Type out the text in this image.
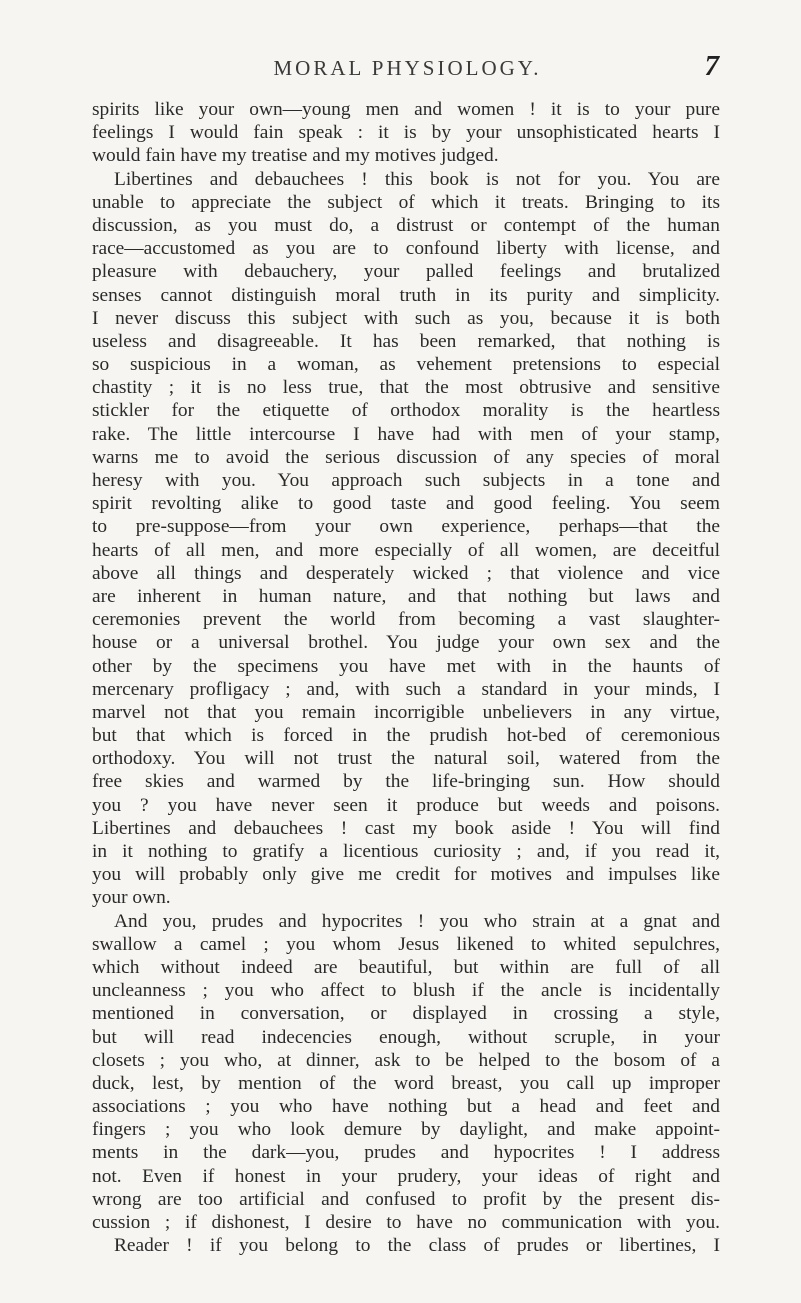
MORAL PHYSIOLOGY.	7
spirits like your own—young men and women ! it is to your pure
feelings I would fain speak : it is by your unsophisticated hearts I
would fain have my treatise and my motives judged.
Libertines and debauchees ! this book is not for you. You are
unable to appreciate the subject of which it treats. Bringing to its
discussion, as you must do, a distrust or contempt of the human
race—accustomed as you are to confound liberty with license, and
pleasure with debauchery, your palled feelings and brutalized
senses cannot distinguish moral truth in its purity and simplicity.
I never discuss this subject with such as you, because it is both
useless and disagreeable. It has been remarked, that nothing is
so suspicious in a woman, as vehement pretensions to especial
chastity ; it is no less true, that the most obtrusive and sensitive
stickler for the etiquette of orthodox morality is the heartless
rake. The little intercourse I have had with men of your stamp,
warns me to avoid the serious discussion of any species of moral
heresy with you. You approach such subjects in a tone and
spirit revolting alike to good taste and good feeling. You seem
to pre-suppose—from your own experience, perhaps—that the
hearts of all men, and more especially of all women, are deceitful
above all things and desperately wicked ; that violence and vice
are inherent in human nature, and that nothing but laws and
ceremonies prevent the world from becoming a vast slaughter-
house or a universal brothel. You judge your own sex and the
other by the specimens you have met with in the haunts of
mercenary profligacy ; and, with such a standard in your minds, I
marvel not that you remain incorrigible unbelievers in any virtue,
but that which is forced in the prudish hot-bed of ceremonious
orthodoxy. You will not trust the natural soil, watered from the
free skies and warmed by the life-bringing sun. How should
you ? you have never seen it produce but weeds and poisons.
Libertines and debauchees ! cast my book aside ! You will find
in it nothing to gratify a licentious curiosity ; and, if you read it,
you will probably only give me credit for motives and impulses like
your own.
And you, prudes and hypocrites ! you who strain at a gnat and
swallow a camel ; you whom Jesus likened to whited sepulchres,
which without indeed are beautiful, but within are full of all
uncleanness ; you who affect to blush if the ancle is incidentally
mentioned in conversation, or displayed in crossing a style,
but will read indecencies enough, without scruple, in your
closets ; you who, at dinner, ask to be helped to the bosom of a
duck, lest, by mention of the word breast, you call up improper
associations ; you who have nothing but a head and feet and
fingers ; you who look demure by daylight, and make appoint-
ments in the dark—you, prudes and hypocrites ! I address
not. Even if honest in your prudery, your ideas of right and
wrong are too artificial and confused to profit by the present dis-
cussion ; if dishonest, I desire to have no communication with you.
Reader ! if you belong to the class of prudes or libertines, I
